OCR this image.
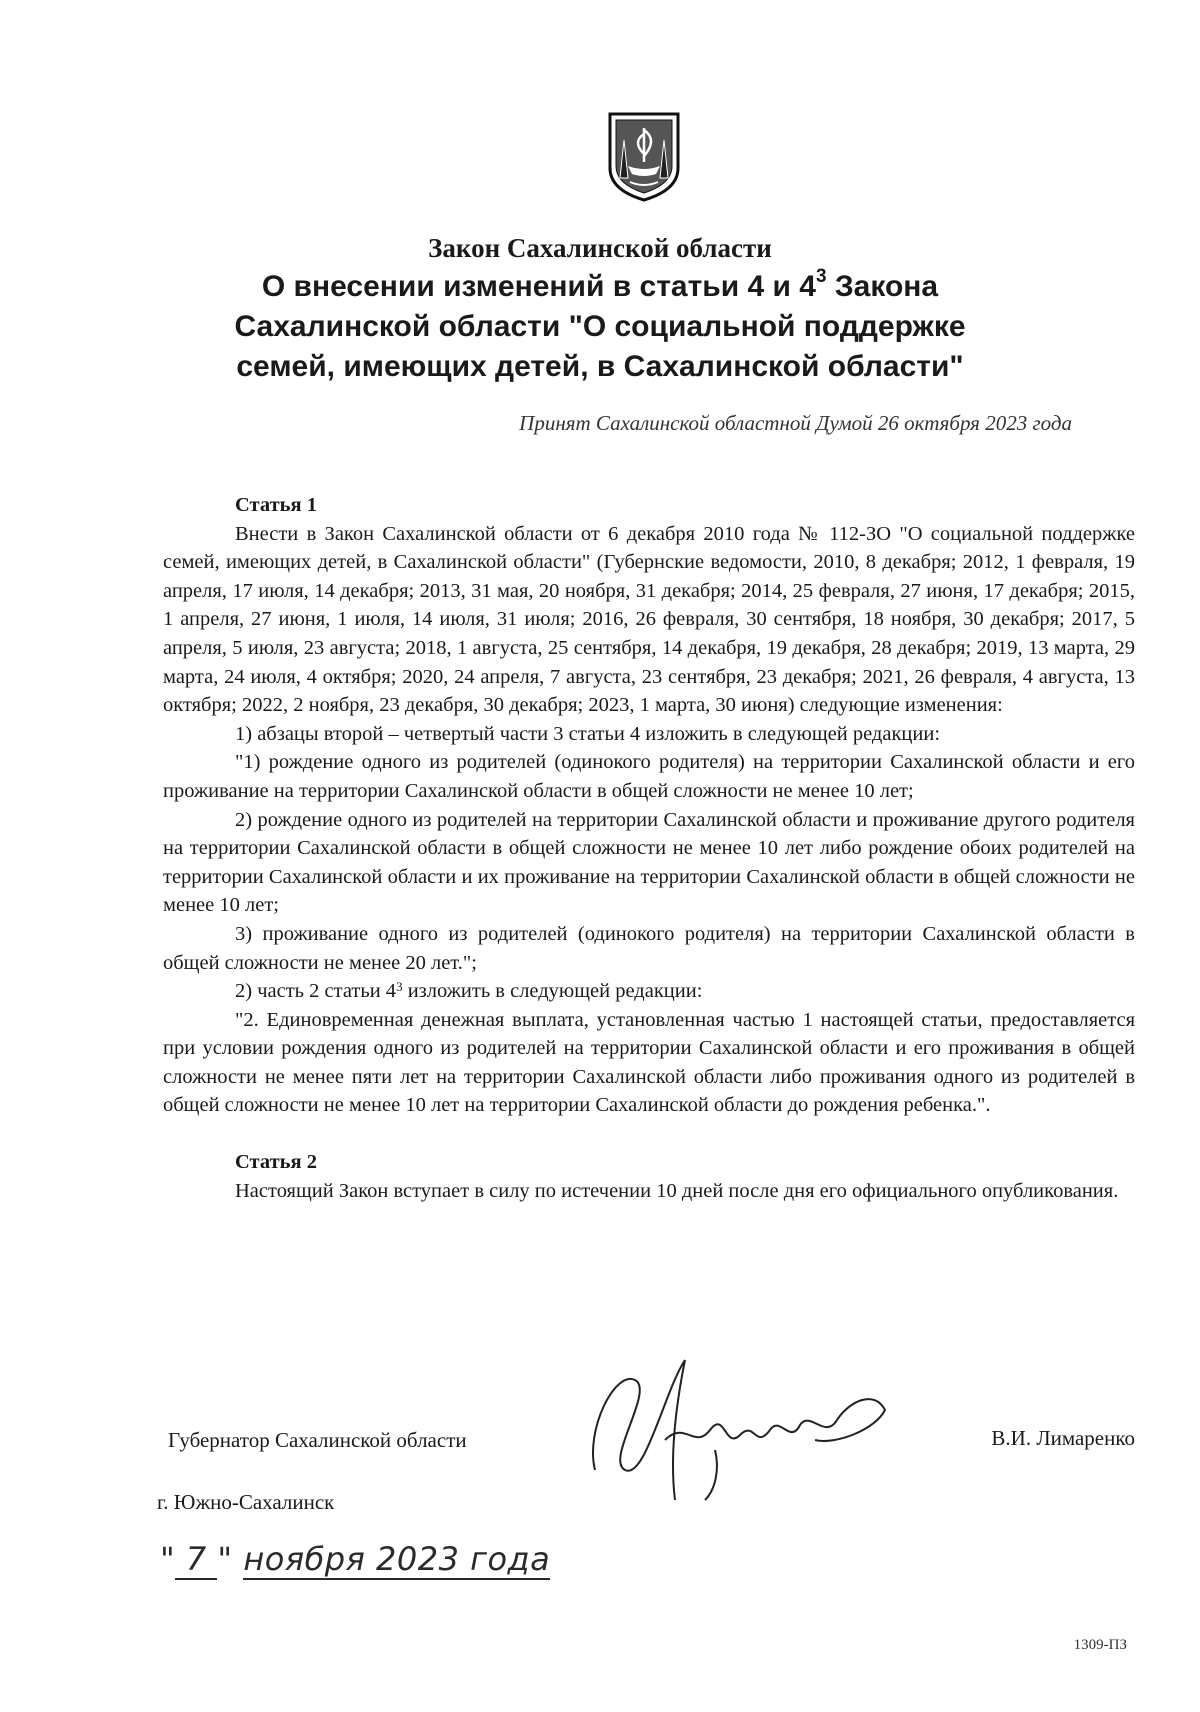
Закон Сахалинской области
О внесении изменений в статьи 4 и $4^3$ Закона
Сахалинской области "О социальной поддержке
семей, имеющих детей, в Сахалинской области"
Принят Сахалинской областной Думой 26 октября 2023 года

Статья 1

Внести в Закон Сахалинской области от 6 декабря 2010 года № 112-ЗО "О социальной поддержке семей, имеющих детей, в Сахалинской области" (Губернские ведомости, 2010, 8 декабря; 2012, 1 февраля, 19 апреля, 17 июля, 14 декабря; 2013, 31 мая, 20 ноября, 31 декабря; 2014, 25 февраля, 27 июня, 17 декабря; 2015, 1 апреля, 27 июня, 1 июля, 14 июля, 31 июля; 2016, 26 февраля, 30 сентября, 18 ноября, 30 декабря; 2017, 5 апреля, 5 июля, 23 августа; 2018, 1 августа, 25 сентября, 14 декабря, 19 декабря, 28 декабря; 2019, 13 марта, 29 марта, 24 июля, 4 октября; 2020, 24 апреля, 7 августа, 23 сентября, 23 декабря; 2021, 26 февраля, 4 августа, 13 октября; 2022, 2 ноября, 23 декабря, 30 декабря; 2023, 1 марта, 30 июня) следующие изменения:

1) абзацы второй – четвертый части 3 статьи 4 изложить в следующей редакции:

"1) рождение одного из родителей (одинокого родителя) на территории Сахалинской области и его проживание на территории Сахалинской области в общей сложности не менее 10 лет;

2) рождение одного из родителей на территории Сахалинской области и проживание другого родителя на территории Сахалинской области в общей сложности не менее 10 лет либо рождение обоих родителей на территории Сахалинской области и их проживание на территории Сахалинской области в общей сложности не менее 10 лет;

3) проживание одного из родителей (одинокого родителя) на территории Сахалинской области в общей сложности не менее 20 лет.";

2) часть 2 статьи $4^3$ изложить в следующей редакции:

"2. Единовременная денежная выплата, установленная частью 1 настоящей статьи, предоставляется при условии рождения одного из родителей на территории Сахалинской области и его проживания в общей сложности не менее пяти лет на территории Сахалинской области либо проживания одного из родителей в общей сложности не менее 10 лет на территории Сахалинской области до рождения ребенка.".

Статья 2

Настоящий Закон вступает в силу по истечении 10 дней после дня его официального опубликования.

Губернатор Сахалинской области	В.И. Лимаренко
г. Южно-Сахалинск
" 7 " ноября 2023 года
1309-ПЗ
